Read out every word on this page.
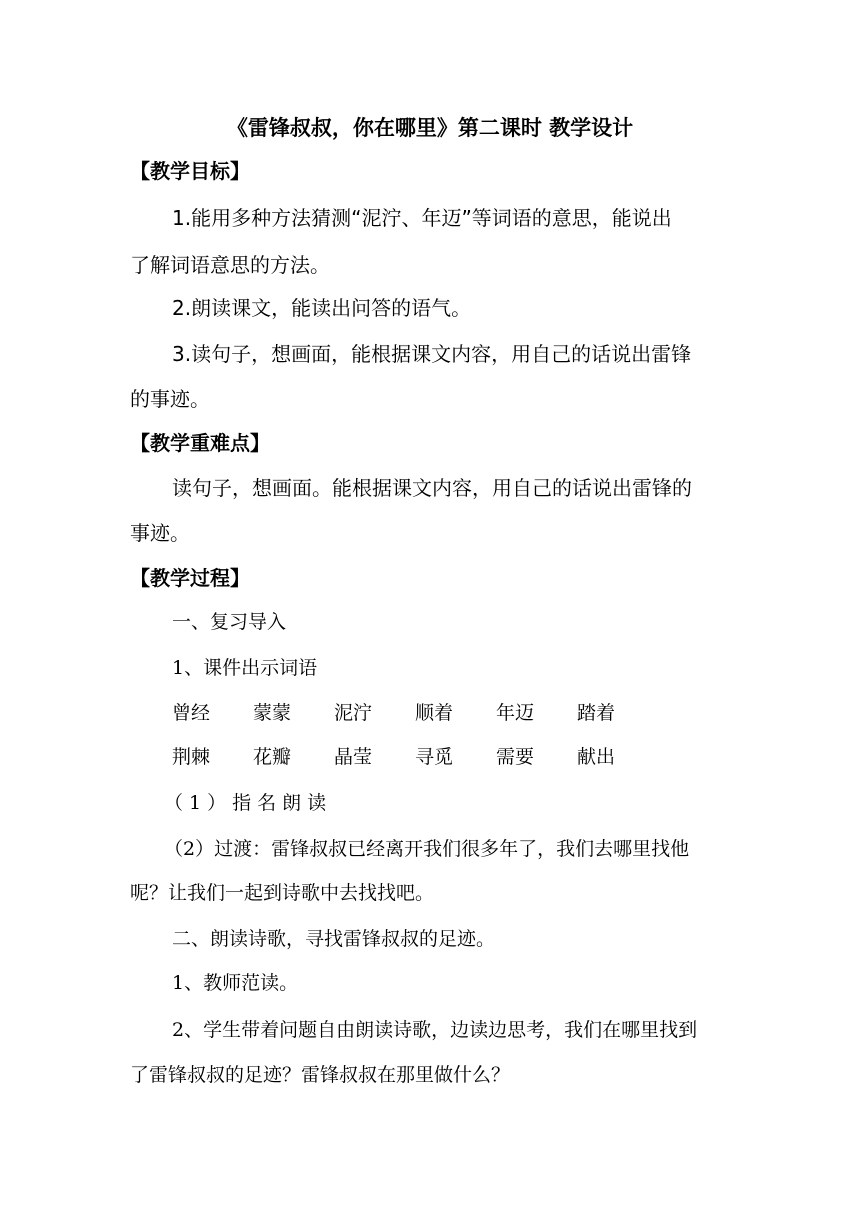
《雷锋叔叔，你在哪里》第二课时 教学设计
【教学目标】
1.能用多种方法猜测“泥泞、年迈”等词语的意思，能说出
了解词语意思的方法。
2.朗读课文，能读出问答的语气。
3.读句子，想画面，能根据课文内容，用自己的话说出雷锋
的事迹。
【教学重难点】
读句子，想画面。能根据课文内容，用自己的话说出雷锋的
事迹。
【教学过程】
一、复习导入
1、课件出示词语
曾经 蒙蒙 泥泞 顺着 年迈 踏着
荆棘 花瓣 晶莹 寻觅 需要 献出
（1）指名朗读
（2）过渡：雷锋叔叔已经离开我们很多年了，我们去哪里找他
呢？让我们一起到诗歌中去找找吧。
二、朗读诗歌，寻找雷锋叔叔的足迹。
1、教师范读。
2、学生带着问题自由朗读诗歌，边读边思考，我们在哪里找到
了雷锋叔叔的足迹？雷锋叔叔在那里做什么？
